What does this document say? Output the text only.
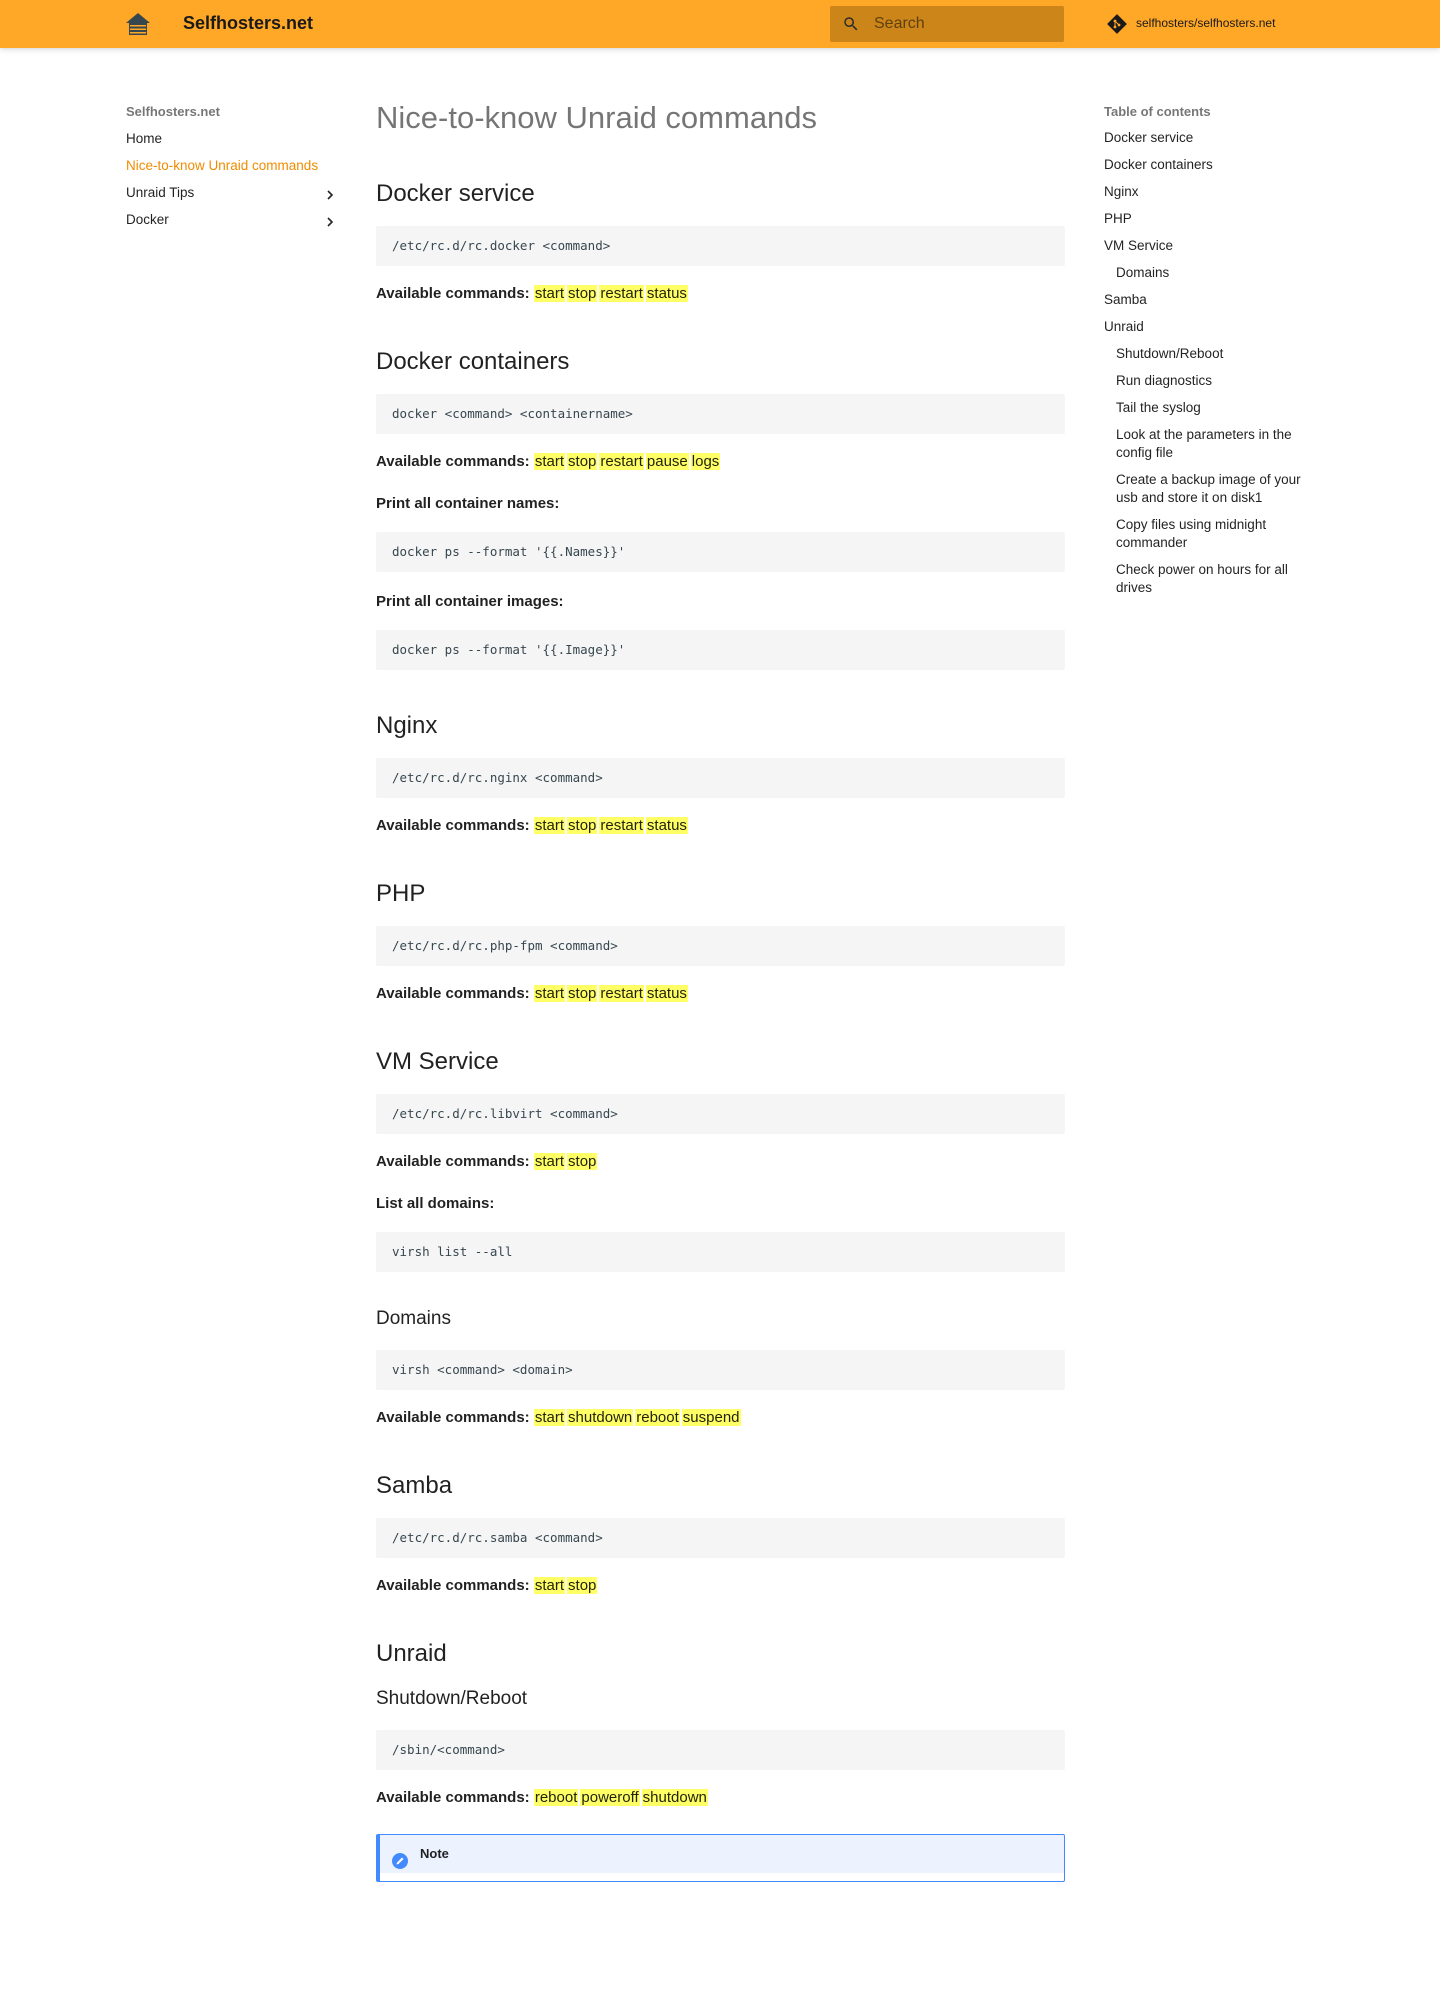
Selfhosters.net
Search	selfhosters/selfhosters.net
Selfhosters.net
Home
Nice-to-know Unraid commands
Unraid Tips
Docker
Nice-to-know Unraid commands
Docker service
/etc/rc.d/rc.docker <command>

Available commands: start stop restart status

Docker containers
docker <command> <containername>

Available commands: start stop restart pause logs

Print all container names:

docker ps --format '{{.Names}}'

Print all container images:

docker ps --format '{{.Image}}'
Nginx
/etc/rc.d/rc.nginx <command>

Available commands: start stop restart status

PHP
/etc/rc.d/rc.php-fpm <command>

Available commands: start stop restart status

VM Service
/etc/rc.d/rc.libvirt <command>

Available commands: start stop

List all domains:

virsh list --all
Domains
virsh <command> <domain>

Available commands: start shutdown reboot suspend

Samba
/etc/rc.d/rc.samba <command>

Available commands: start stop

Unraid
Shutdown/Reboot
/sbin/<command>

Available commands: reboot poweroff shutdown

Note
Table of contents
Docker service
Docker containers
Nginx
PHP
VM Service
Domains
Samba
Unraid
Shutdown/Reboot
Run diagnostics
Tail the syslog
Look at the parameters in the config file
Create a backup image of your usb and store it on disk1
Copy files using midnight commander
Check power on hours for all drives
